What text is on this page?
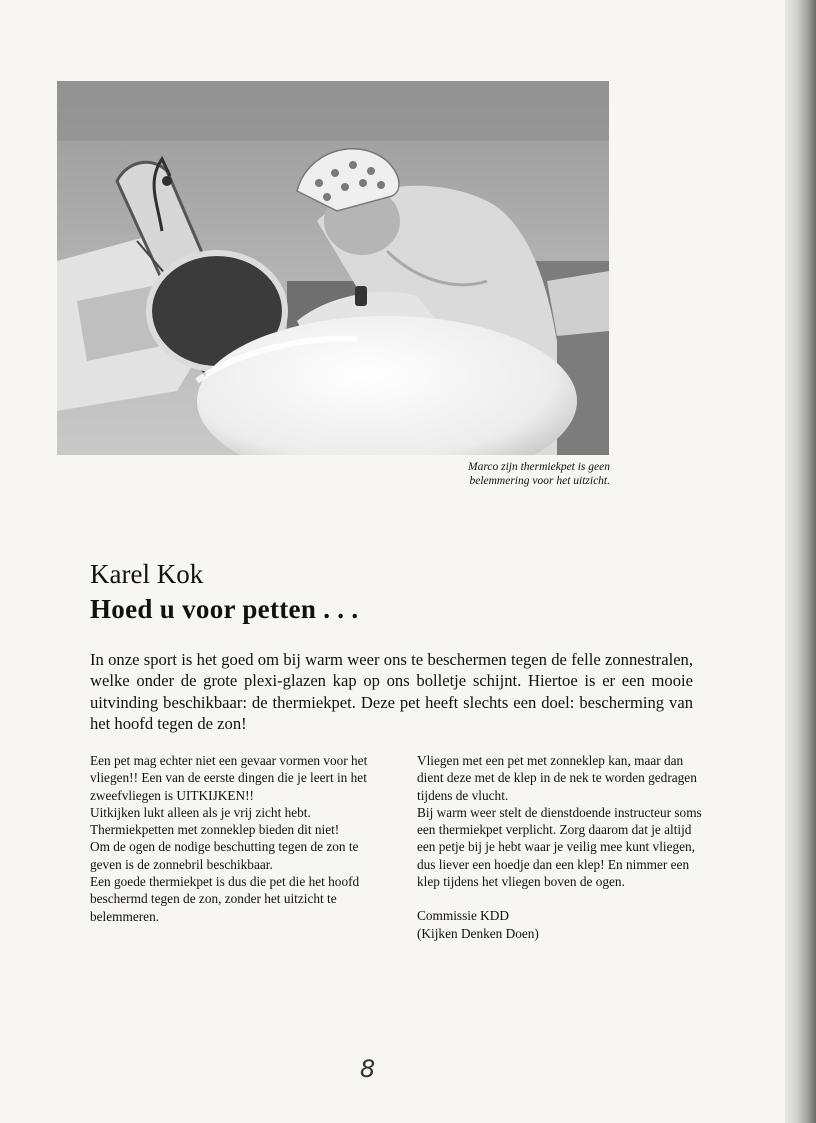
Marco zijn thermiekpet is geen belemmering voor het uitzicht.
Karel Kok
Hoed u voor petten . . .
In onze sport is het goed om bij warm weer ons te beschermen tegen de felle zonnestralen, welke onder de grote plexi-glazen kap op ons bolletje schijnt. Hiertoe is er een mooie uitvinding beschikbaar: de thermiekpet. Deze pet heeft slechts een doel: bescherming van het hoofd tegen de zon!

Een pet mag echter niet een gevaar vormen voor het vliegen!! Een van de eerste dingen die je leert in het zweefvliegen is UITKIJKEN!!

Uitkijken lukt alleen als je vrij zicht hebt. Thermiekpetten met zonneklep bieden dit niet!

Om de ogen de nodige beschutting tegen de zon te geven is de zonnebril beschikbaar.

Een goede thermiekpet is dus die pet die het hoofd beschermd tegen de zon, zonder het uitzicht te belemmeren.

Vliegen met een pet met zonneklep kan, maar dan dient deze met de klep in de nek te worden gedragen tijdens de vlucht.

Bij warm weer stelt de dienstdoende instructeur soms een thermiekpet verplicht. Zorg daarom dat je altijd een petje bij je hebt waar je veilig mee kunt vliegen, dus liever een hoedje dan een klep! En nimmer een klep tijdens het vliegen boven de ogen.

Commissie KDD

(Kijken Denken Doen)

8
